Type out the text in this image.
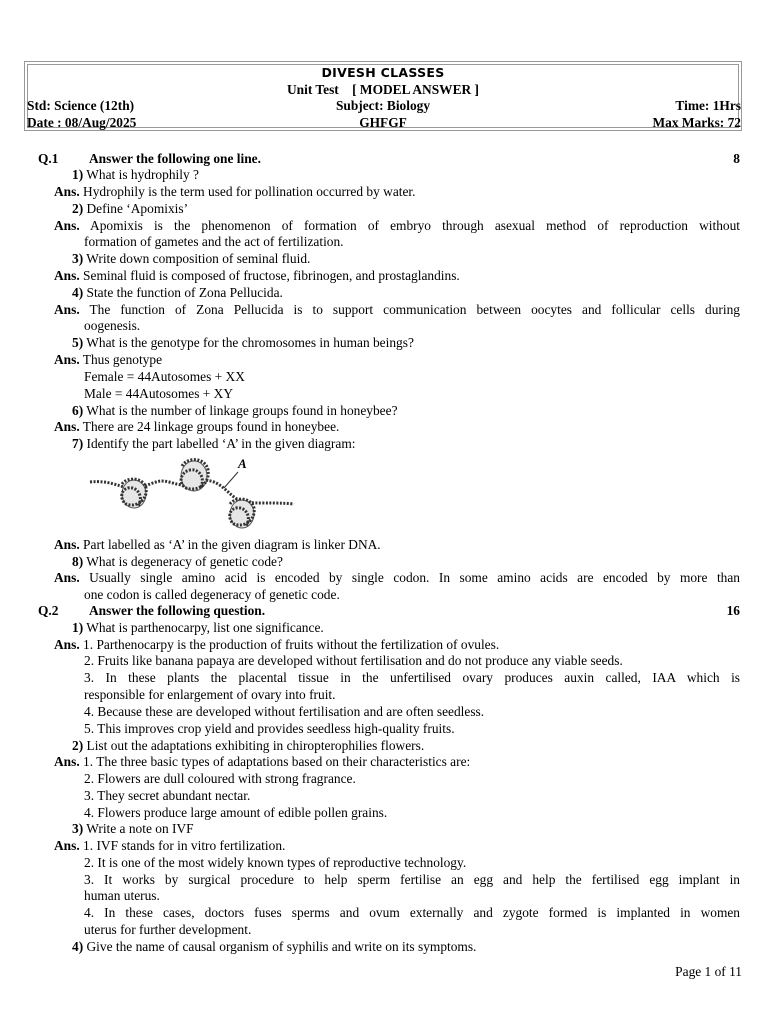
DIVESH CLASSES
Unit Test    [ MODEL ANSWER ]
Std: Science (12th)	Subject: Biology	Time: 1Hrs
Date : 08/Aug/2025	GHFGF	Max Marks: 72
Q.1 Answer the following one line.	8
1) What is hydrophily ?
Ans. Hydrophily is the term used for pollination occurred by water.
2) Define ‘Apomixis’
Ans. Apomixis is the phenomenon of formation of embryo through asexual method of reproduction without
formation of gametes and the act of fertilization.
3) Write down composition of seminal fluid.
Ans. Seminal fluid is composed of fructose, fibrinogen, and prostaglandins.
4) State the function of Zona Pellucida.
Ans. The function of Zona Pellucida is to support communication between oocytes and follicular cells during
oogenesis.
5) What is the genotype for the chromosomes in human beings?
Ans. Thus genotype
Female = 44Autosomes + XX
Male = 44Autosomes + XY
6) What is the number of linkage groups found in honeybee?
Ans. There are 24 linkage groups found in honeybee.
7) Identify the part labelled ‘A’ in the given diagram:
A
Ans. Part labelled as ‘A’ in the given diagram is linker DNA.
8) What is degeneracy of genetic code?
Ans. Usually single amino acid is encoded by single codon. In some amino acids are encoded by more than
one codon is called degeneracy of genetic code.
Q.2 Answer the following question.	16
1) What is parthenocarpy, list one significance.
Ans. 1. Parthenocarpy is the production of fruits without the fertilization of ovules.
2. Fruits like banana papaya are developed without fertilisation and do not produce any viable seeds.
3. In these plants the placental tissue in the unfertilised ovary produces auxin called, IAA which is
responsible for enlargement of ovary into fruit.
4. Because these are developed without fertilisation and are often seedless.
5. This improves crop yield and provides seedless high-quality fruits.
2) List out the adaptations exhibiting in chiropterophilies flowers.
Ans. 1. The three basic types of adaptations based on their characteristics are:
2. Flowers are dull coloured with strong fragrance.
3. They secret abundant nectar.
4. Flowers produce large amount of edible pollen grains.
3) Write a note on IVF
Ans. 1. IVF stands for in vitro fertilization.
2. It is one of the most widely known types of reproductive technology.
3. It works by surgical procedure to help sperm fertilise an egg and help the fertilised egg implant in
human uterus.
4. In these cases, doctors fuses sperms and ovum externally and zygote formed is implanted in women
uterus for further development.
4) Give the name of causal organism of syphilis and write on its symptoms.
Page 1 of 11
